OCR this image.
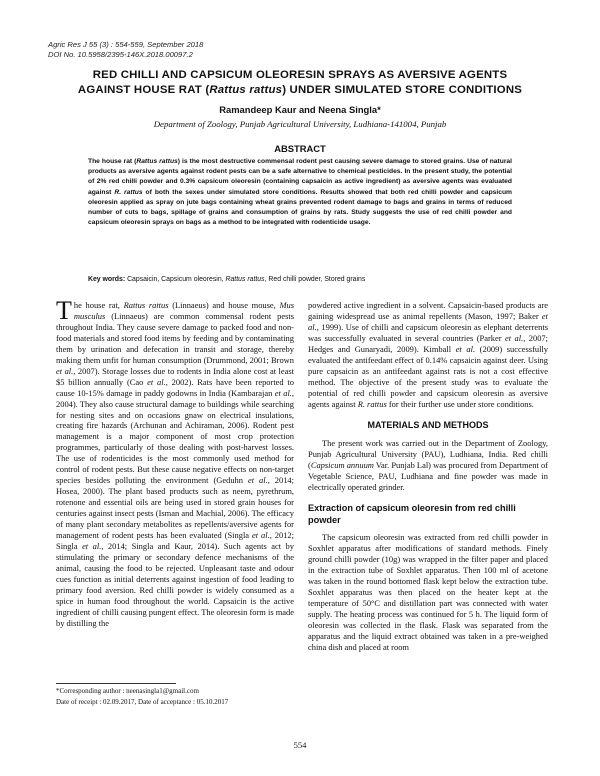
Agric Res J 55 (3) : 554-559, September 2018
DOI No. 10.5958/2395-146X.2018.00097.2
RED CHILLI AND CAPSICUM OLEORESIN SPRAYS AS AVERSIVE AGENTS
AGAINST HOUSE RAT (Rattus rattus) UNDER SIMULATED STORE CONDITIONS
Ramandeep Kaur and Neena Singla*
Department of Zoology, Punjab Agricultural University, Ludhiana-141004, Punjab
ABSTRACT
The house rat (Rattus rattus) is the most destructive commensal rodent pest causing severe damage to stored grains. Use of natural products as aversive agents against rodent pests can be a safe alternative to chemical pesticides. In the present study, the potential of 2% red chilli powder and 0.3% capsicum oleoresin (containing capsaicin as active ingredient) as aversive agents was evaluated against R. rattus of both the sexes under simulated store conditions. Results showed that both red chilli powder and capsicum oleoresin applied as spray on jute bags containing wheat grains prevented rodent damage to bags and grains in terms of reduced number of cuts to bags, spillage of grains and consumption of grains by rats. Study suggests the use of red chilli powder and capsicum oleoresin sprays on bags as a method to be integrated with rodenticide usage.
Key words: Capsaicin, Capsicum oleoresin, Rattus rattus, Red chilli powder, Stored grains

The house rat, Rattus rattus (Linnaeus) and house mouse, Mus musculus (Linnaeus) are common commensal rodent pests throughout India. They cause severe damage to packed food and non-food materials and stored food items by feeding and by contaminating them by urination and defecation in transit and storage, thereby making them unfit for human consumption (Drummond, 2001; Brown et al., 2007). Storage losses due to rodents in India alone cost at least $5 billion annually (Cao et al., 2002). Rats have been reported to cause 10-15% damage in paddy godowns in India (Kambarajan et al., 2004). They also cause structural damage to buildings while searching for nesting sites and on occasions gnaw on electrical insulations, creating fire hazards (Archunan and Achiraman, 2006). Rodent pest management is a major component of most crop protection programmes, particularly of those dealing with post-harvest losses. The use of rodenticides is the most commonly used method for control of rodent pests. But these cause negative effects on non-target species besides polluting the environment (Geduhn et al., 2014; Hosea, 2000). The plant based products such as neem, pyrethrum, rotenone and essential oils are being used in stored grain houses for centuries against insect pests (Isman and Machial, 2006). The efficacy of many plant secondary metabolites as repellents/aversive agents for management of rodent pests has been evaluated (Singla et al., 2012; Singla et al., 2014; Singla and Kaur, 2014). Such agents act by stimulating the primary or secondary defence mechanisms of the animal, causing the food to be rejected. Unpleasant taste and odour cues function as initial deterrents against ingestion of food leading to primary food aversion. Red chilli powder is widely consumed as a spice in human food throughout the world. Capsaicin is the active ingredient of chilli causing pungent effect. The oleoresin form is made by distilling the

powdered active ingredient in a solvent. Capsaicin-based products are gaining widespread use as animal repellents (Mason, 1997; Baker et al., 1999). Use of chilli and capsicum oleoresin as elephant deterrents was successfully evaluated in several countries (Parker et al., 2007; Hedges and Gunaryadi, 2009). Kimball et al. (2009) successfully evaluated the antifeedant effect of 0.14% capsaicin against deer. Using pure capsaicin as an antifeedant against rats is not a cost effective method. The objective of the present study was to evaluate the potential of red chilli powder and capsicum oleoresin as aversive agents against R. rattus for their further use under store conditions.

MATERIALS AND METHODS

The present work was carried out in the Department of Zoology, Punjab Agricultural University (PAU), Ludhiana, India. Red chilli (Capsicum annuum Var. Punjab Lal) was procured from Department of Vegetable Science, PAU, Ludhiana and fine powder was made in electrically operated grinder.

Extraction of capsicum oleoresin from red chilli powder

The capsicum oleoresin was extracted from red chilli powder in Soxhlet apparatus after modifications of standard methods. Finely ground chilli powder (10g) was wrapped in the filter paper and placed in the extraction tube of Soxhlet apparatus. Then 100 ml of acetone was taken in the round bottomed flask kept below the extraction tube. Soxhlet apparatus was then placed on the heater kept at the temperature of 50°C and distillation part was connected with water supply. The heating process was continued for 5 h. The liquid form of oleoresin was collected in the flask. Flask was separated from the apparatus and the liquid extract obtained was taken in a pre-weighed china dish and placed at room

*Corresponding author : neenasingla1@gmail.com
Date of receipt : 02.09.2017, Date of acceptance : 05.10.2017
554
